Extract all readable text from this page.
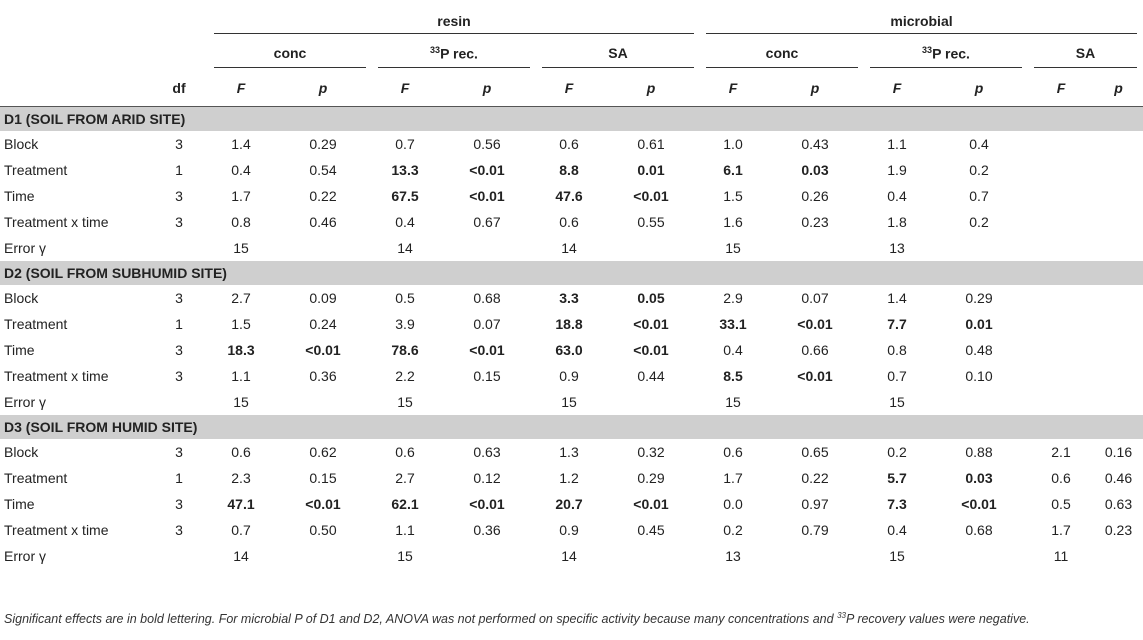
		resin						microbial					
		conc		$^{33}$P rec.		SA		conc		$^{33}$P rec.		SA	
	df	F	p	F	p	F	p	F	p	F	p	F	p
D1 (SOIL FROM ARID SITE)													
Block	3	1.4	0.29	0.7	0.56	0.6	0.61	1.0	0.43	1.1	0.4		
Treatment	1	0.4	0.54	13.3	<0.01	8.8	0.01	6.1	0.03	1.9	0.2		
Time	3	1.7	0.22	67.5	<0.01	47.6	<0.01	1.5	0.26	0.4	0.7		
Treatment x time	3	0.8	0.46	0.4	0.67	0.6	0.55	1.6	0.23	1.8	0.2		
Error γ		15		14		14		15		13			
D2 (SOIL FROM SUBHUMID SITE)													
Block	3	2.7	0.09	0.5	0.68	3.3	0.05	2.9	0.07	1.4	0.29		
Treatment	1	1.5	0.24	3.9	0.07	18.8	<0.01	33.1	<0.01	7.7	0.01		
Time	3	18.3	<0.01	78.6	<0.01	63.0	<0.01	0.4	0.66	0.8	0.48		
Treatment x time	3	1.1	0.36	2.2	0.15	0.9	0.44	8.5	<0.01	0.7	0.10		
Error γ		15		15		15		15		15			
D3 (SOIL FROM HUMID SITE)													
Block	3	0.6	0.62	0.6	0.63	1.3	0.32	0.6	0.65	0.2	0.88	2.1	0.16
Treatment	1	2.3	0.15	2.7	0.12	1.2	0.29	1.7	0.22	5.7	0.03	0.6	0.46
Time	3	47.1	<0.01	62.1	<0.01	20.7	<0.01	0.0	0.97	7.3	<0.01	0.5	0.63
Treatment x time	3	0.7	0.50	1.1	0.36	0.9	0.45	0.2	0.79	0.4	0.68	1.7	0.23
Error γ		14		15		14		13		15		11	
Significant effects are in bold lettering. For microbial P of D1 and D2, ANOVA was not performed on specific activity because many concentrations and $^{33}$P recovery values were negative.
